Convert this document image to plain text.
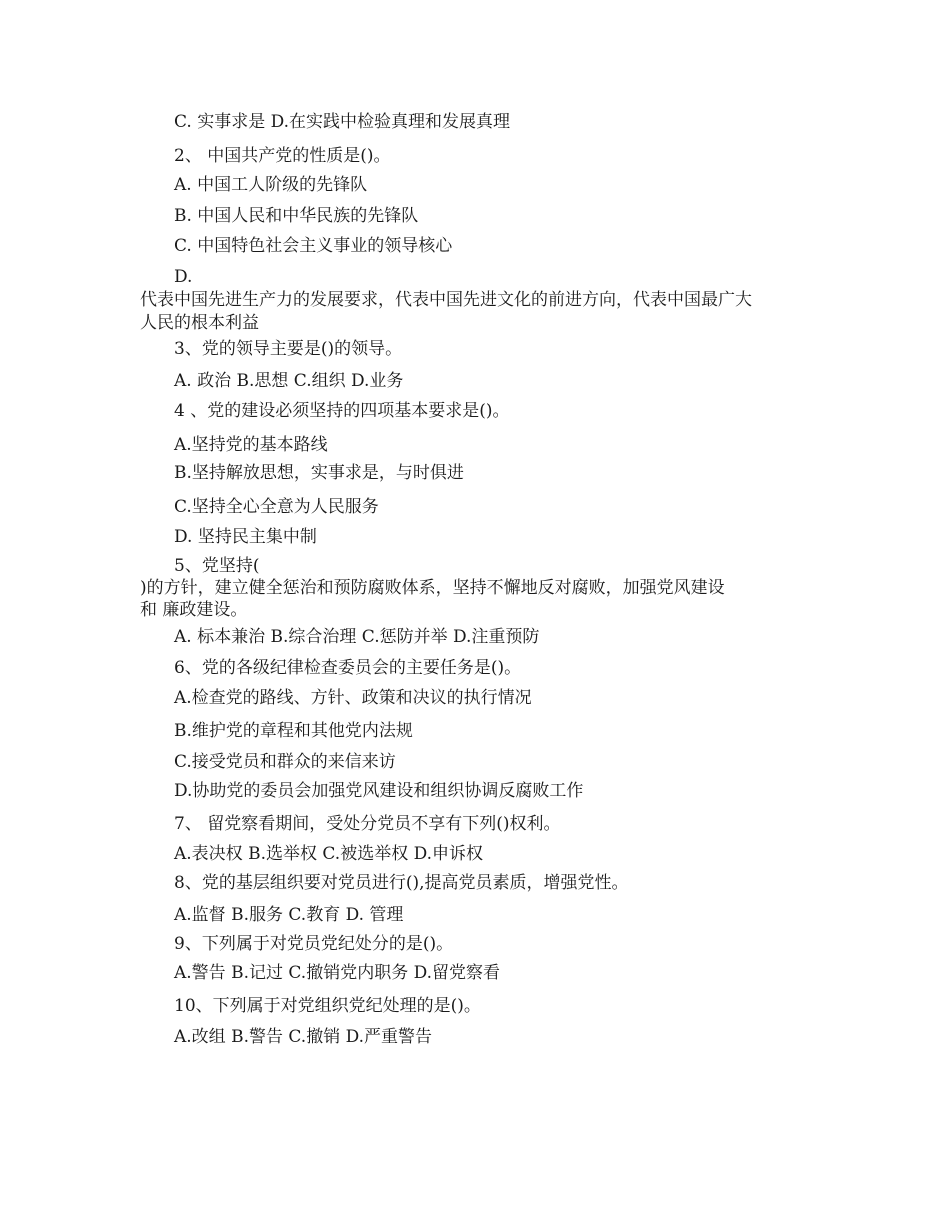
C. 实事求是 D.在实践中检验真理和发展真理
2、 中国共产党的性质是()。
A. 中国工人阶级的先锋队
B. 中国人民和中华民族的先锋队
C. 中国特色社会主义事业的领导核心
D.
代表中国先进生产力的发展要求，代表中国先进文化的前进方向，代表中国最广大
人民的根本利益
3、党的领导主要是()的领导。
A. 政治 B.思想 C.组织 D.业务
4 、党的建设必须坚持的四项基本要求是()。
A.坚持党的基本路线
B.坚持解放思想，实事求是，与时俱进
C.坚持全心全意为人民服务
D. 坚持民主集中制
5、党坚持(
)的方针，建立健全惩治和预防腐败体系，坚持不懈地反对腐败，加强党风建设
和 廉政建设。
A. 标本兼治 B.综合治理 C.惩防并举 D.注重预防
6、党的各级纪律检查委员会的主要任务是()。
A.检查党的路线、方针、政策和决议的执行情况
B.维护党的章程和其他党内法规
C.接受党员和群众的来信来访
D.协助党的委员会加强党风建设和组织协调反腐败工作
7、 留党察看期间，受处分党员不享有下列()权利。
A.表决权 B.选举权 C.被选举权 D.申诉权
8、党的基层组织要对党员进行(),提高党员素质，增强党性。
A.监督 B.服务 C.教育 D. 管理
9、下列属于对党员党纪处分的是()。
A.警告 B.记过 C.撤销党内职务 D.留党察看
10、下列属于对党组织党纪处理的是()。
A.改组 B.警告 C.撤销 D.严重警告
